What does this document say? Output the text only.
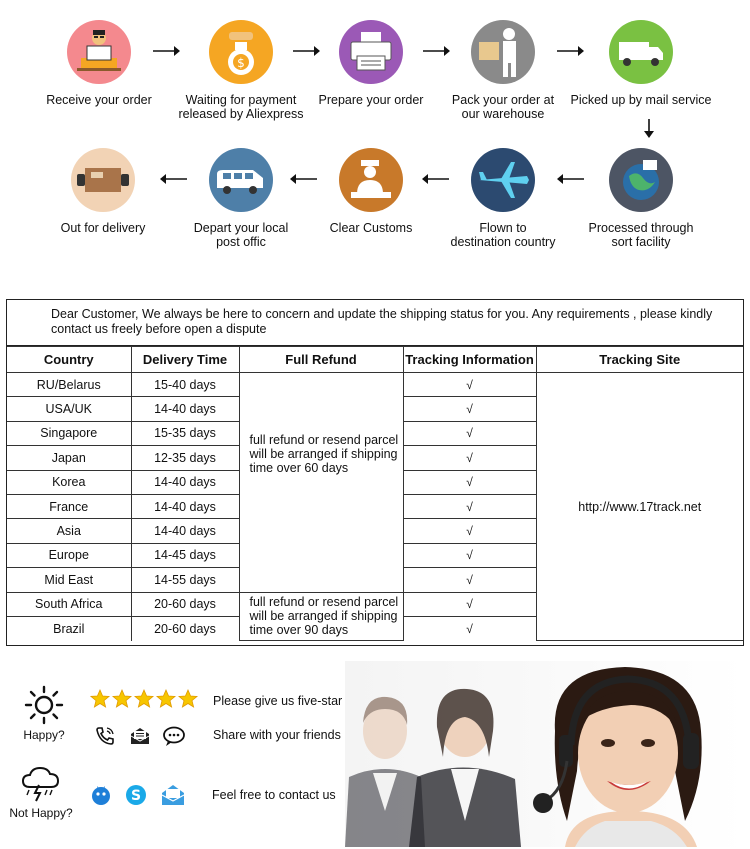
Receive your order
$
Waiting for payment
released by Aliexpress
Prepare your order	Pack your order at
our warehouse
Picked up by mail service
Processed through
sort facility
Flown to
destination country
Clear Customs
Depart your local
post offic
Out for delivery
Dear Customer, We always be here to concern and update the shipping status for you. Any requirements , please kindly contact us freely before open a dispute
Country	Delivery Time	Full Refund	Tracking Information	Tracking Site
RU/Belarus	15-40 days	full refund or resend parcel will be arranged if shipping time over 60 days	√	http://www.17track.net
USA/UK	14-40 days		√	
Singapore	15-35 days		√	
Japan	12-35 days		√	
Korea	14-40 days		√	
France	14-40 days		√	
Asia	14-40 days		√	
Europe	14-45 days		√	
Mid East	14-55 days		√	
South Africa	20-60 days	full refund or resend parcel will be arranged if shipping time over 90 days	√	
Brazil	20-60 days		√	
Happy?
Please give us five-star
Share with your friends
Not Happy?
S	Feel free to contact us
